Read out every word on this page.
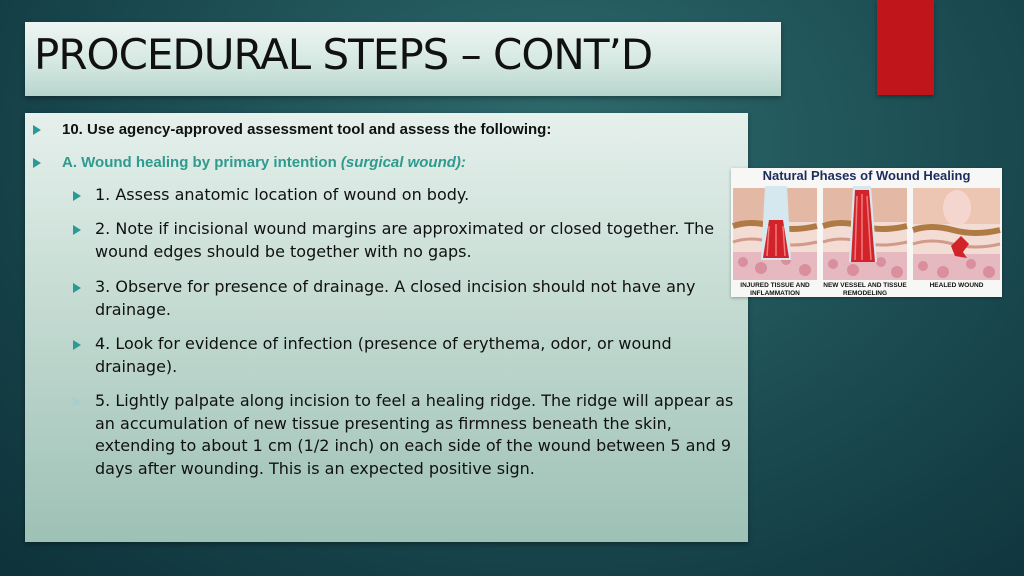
PROCEDURAL STEPS – CONT’D
10. Use agency-approved assessment tool and assess the following:
A. Wound healing by primary intention (surgical wound):
1. Assess anatomic location of wound on body.
2. Note if incisional wound margins are approximated or closed together. The wound edges should be together with no gaps.
3. Observe for presence of drainage. A closed incision should not have any drainage.
4. Look for evidence of infection (presence of erythema, odor, or wound drainage).
5. Lightly palpate along incision to feel a healing ridge. The ridge will appear as an accumulation of new tissue presenting as firmness beneath the skin, extending to about 1 cm (1/2 inch) on each side of the wound between 5 and 9 days after wounding. This is an expected positive sign.
Natural Phases of Wound Healing
INJURED TISSUE AND INFLAMMATION
NEW VESSEL AND TISSUE REMODELING
HEALED WOUND
